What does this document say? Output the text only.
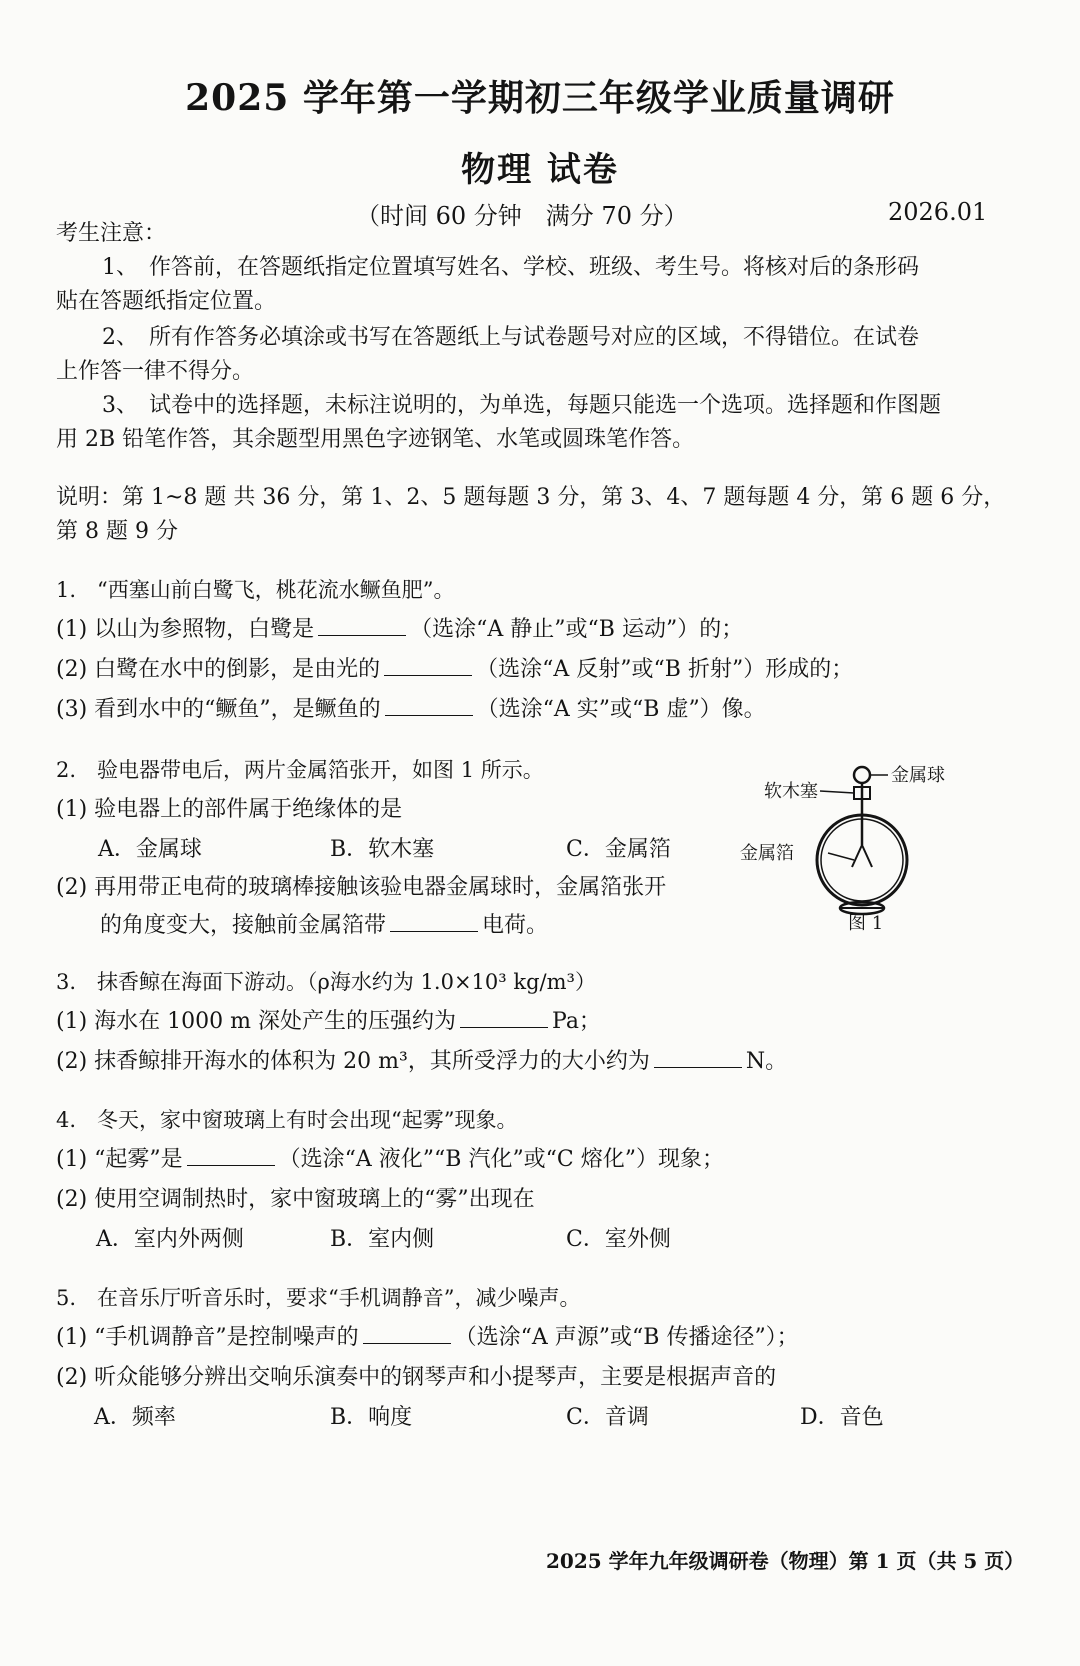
2025 学年第一学期初三年级学业质量调研
物理 试卷
（时间 60 分钟　满分 70 分）	2026.01
考生注意：
1、　作答前，在答题纸指定位置填写姓名、学校、班级、考生号。将核对后的条形码
贴在答题纸指定位置。
2、　所有作答务必填涂或书写在答题纸上与试卷题号对应的区域，不得错位。在试卷
上作答一律不得分。
3、　试卷中的选择题，未标注说明的，为单选，每题只能选一个选项。选择题和作图题
用 2B 铅笔作答，其余题型用黑色字迹钢笔、水笔或圆珠笔作答。
说明：第 1~8 题 共 36 分，第 1、2、5 题每题 3 分，第 3、4、7 题每题 4 分，第 6 题 6 分，
第 8 题 9 分
1.　“西塞山前白鹭飞，桃花流水鳜鱼肥”。
(1) 以山为参照物，白鹭是	（选涂“A 静止”或“B 运动”）的；
(2) 白鹭在水中的倒影，是由光的	（选涂“A 反射”或“B 折射”）形成的；
(3) 看到水中的“鳜鱼”，是鳜鱼的	（选涂“A 实”或“B 虚”）像。
2.　验电器带电后，两片金属箔张开，如图 1 所示。
(1) 验电器上的部件属于绝缘体的是
A．金属球	B．软木塞	C．金属箔
(2) 再用带正电荷的玻璃棒接触该验电器金属球时，金属箔张开
的角度变大，接触前金属箔带	电荷。
金属球
软木塞
金属箔
图 1
3.　抹香鲸在海面下游动。（ρ海水约为 1.0×10³ kg/m³）
(1) 海水在 1000 m 深处产生的压强约为	Pa；
(2) 抹香鲸排开海水的体积为 20 m³，其所受浮力的大小约为	N。
4.　冬天，家中窗玻璃上有时会出现“起雾”现象。
(1) “起雾”是	（选涂“A 液化”“B 汽化”或“C 熔化”）现象；
(2) 使用空调制热时，家中窗玻璃上的“雾”出现在
A．室内外两侧	B．室内侧	C．室外侧
5.　在音乐厅听音乐时，要求“手机调静音”，减少噪声。
(1) “手机调静音”是控制噪声的	（选涂“A 声源”或“B 传播途径”）；
(2) 听众能够分辨出交响乐演奏中的钢琴声和小提琴声，主要是根据声音的
A．频率	B．响度	C．音调	D．音色
2025 学年九年级调研卷（物理）第 1 页（共 5 页）
